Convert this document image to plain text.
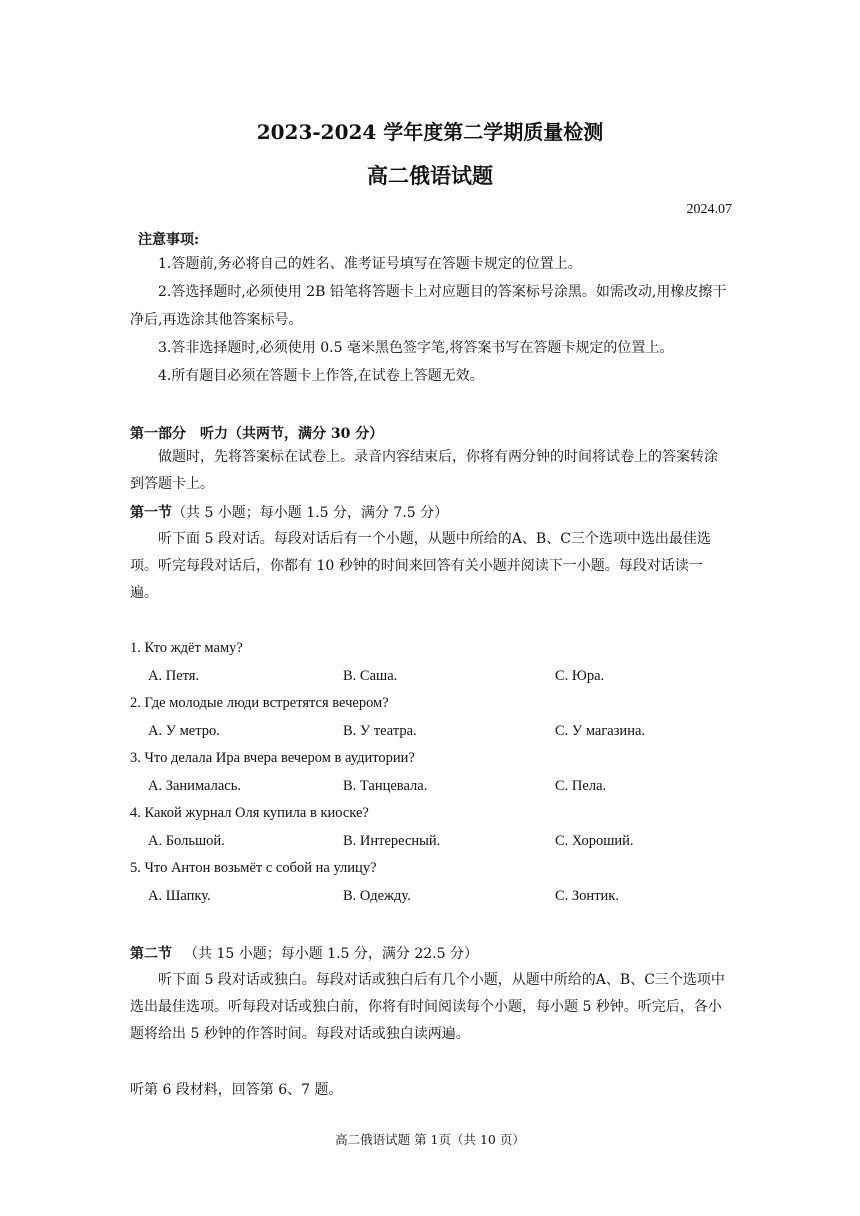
2023-2024 学年度第二学期质量检测
高二俄语试题
2024.07
注意事项:

1.答题前,务必将自己的姓名、准考证号填写在答题卡规定的位置上。

2.答选择题时,必须使用 2B 铅笔将答题卡上对应题目的答案标号涂黑。如需改动,用橡皮擦干净后,再选涂其他答案标号。

3.答非选择题时,必须使用 0.5 毫米黑色签字笔,将答案书写在答题卡规定的位置上。

4.所有题目必须在答题卡上作答,在试卷上答题无效。

第一部分　听力（共两节，满分 30 分）

做题时，先将答案标在试卷上。录音内容结束后，你将有两分钟的时间将试卷上的答案转涂到答题卡上。

第一节（共 5 小题；每小题 1.5 分，满分 7.5 分）

听下面 5 段对话。每段对话后有一个小题，从题中所给的A、B、C三个选项中选出最佳选项。听完每段对话后，你都有 10 秒钟的时间来回答有关小题并阅读下一小题。每段对话读一遍。

1. Кто ждёт маму?
A. Петя.	B. Саша.	C. Юра.
2. Где молодые люди встретятся вечером?
A. У метро.	B. У театра.	C. У магазина.
3. Что делала Ира вчера вечером в аудитории?
A. Занималась.	B. Танцевала.	C. Пела.
4. Какой журнал Оля купила в киоске?
A. Большой.	B. Интересный.	C. Хороший.
5. Что Антон возьмёт с собой на улицу?
A. Шапку.	B. Одежду.	C. Зонтик.
第二节 （共 15 小题；每小题 1.5 分，满分 22.5 分）

听下面 5 段对话或独白。每段对话或独白后有几个小题，从题中所给的A、B、C三个选项中选出最佳选项。听每段对话或独白前，你将有时间阅读每个小题，每小题 5 秒钟。听完后，各小题将给出 5 秒钟的作答时间。每段对话或独白读两遍。

听第 6 段材料，回答第 6、7 题。
高二俄语试题 第 1页（共 10 页）
